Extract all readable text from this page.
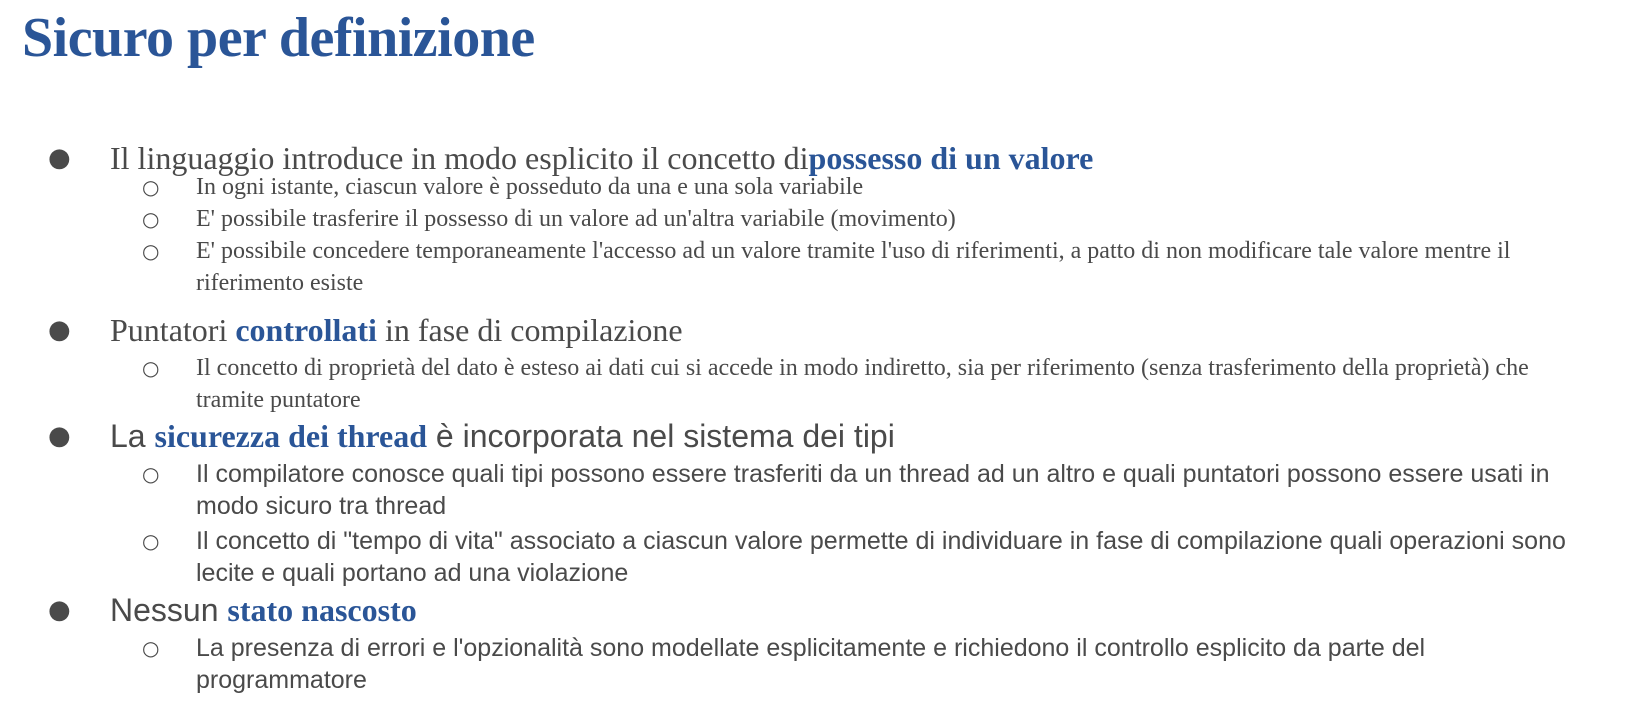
Sicuro per definizione
● Il linguaggio introduce in modo esplicito il concetto dipossesso di un valore
○ In ogni istante, ciascun valore è posseduto da una e una sola variabile
○ E' possibile trasferire il possesso di un valore ad un'altra variabile (movimento)
○ E' possibile concedere temporaneamente l'accesso ad un valore tramite l'uso di riferimenti, a patto di non modificare tale valore mentre il riferimento esiste
● Puntatori controllati in fase di compilazione
○ Il concetto di proprietà del dato è esteso ai dati cui si accede in modo indiretto, sia per riferimento (senza trasferimento della proprietà) che tramite puntatore
● La sicurezza dei thread è incorporata nel sistema dei tipi
○ Il compilatore conosce quali tipi possono essere trasferiti da un thread ad un altro e quali puntatori possono essere usati in modo sicuro tra thread
○ Il concetto di "tempo di vita" associato a ciascun valore permette di individuare in fase di compilazione quali operazioni sono lecite e quali portano ad una violazione
● Nessun stato nascosto
○ La presenza di errori e l'opzionalità sono modellate esplicitamente e richiedono il controllo esplicito da parte del programmatore
